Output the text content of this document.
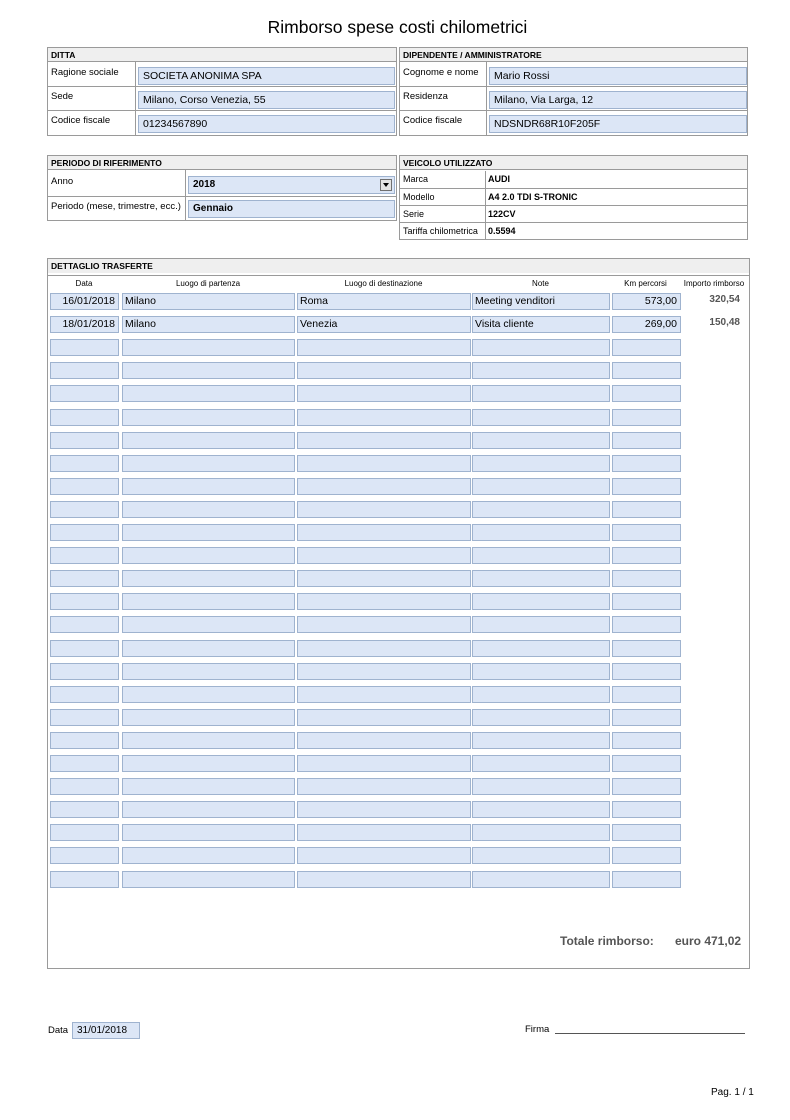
Rimborso spese costi chilometrici
DITTA
Ragione sociale	SOCIETA ANONIMA SPA
Sede	Milano, Corso Venezia, 55
Codice fiscale	01234567890
DIPENDENTE / AMMINISTRATORE
Cognome e nome	Mario Rossi
Residenza	Milano, Via Larga, 12
Codice fiscale	NDSNDR68R10F205F
PERIODO DI RIFERIMENTO
Anno	2018
Periodo (mese, trimestre, ecc.)	Gennaio
VEICOLO UTILIZZATO
Marca	AUDI
Modello	A4 2.0 TDI S-TRONIC
Serie	122CV
Tariffa chilometrica 0.5594
DETTAGLIO TRASFERTE
Data	Luogo di partenza	Luogo di destinazione	Note	Km percorsi	Importo rimborso
16/01/2018 Milano	Roma	Meeting venditori	573,00	320,54
18/01/2018 Milano	Venezia	Visita cliente	269,00	150,48
Totale rimborso: euro 471,02
Data 31/01/2018	Firma
Pag. 1 / 1
